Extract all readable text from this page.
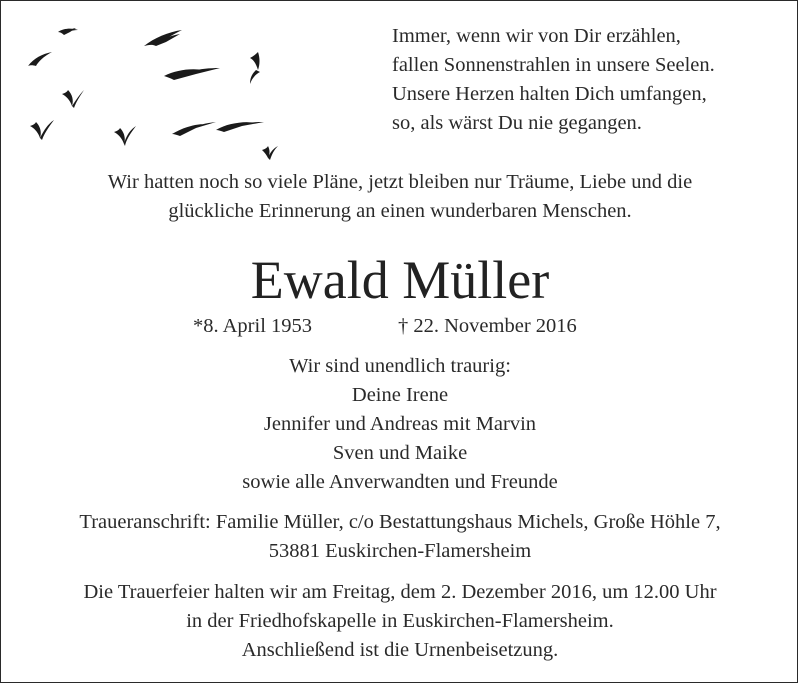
Immer, wenn wir von Dir erzählen,
fallen Sonnenstrahlen in unsere Seelen.
Unsere Herzen halten Dich umfangen,
so, als wärst Du nie gegangen.
Wir hatten noch so viele Pläne, jetzt bleiben nur Träume, Liebe und die
glückliche Erinnerung an einen wunderbaren Menschen.
Ewald Müller
*8. April 1953	† 22. November 2016
Wir sind unendlich traurig:
Deine Irene
Jennifer und Andreas mit Marvin
Sven und Maike
sowie alle Anverwandten und Freunde
Traueranschrift: Familie Müller, c/o Bestattungshaus Michels, Große Höhle 7,
53881 Euskirchen-Flamersheim
Die Trauerfeier halten wir am Freitag, dem 2. Dezember 2016, um 12.00 Uhr
in der Friedhofskapelle in Euskirchen-Flamersheim.
Anschließend ist die Urnenbeisetzung.
